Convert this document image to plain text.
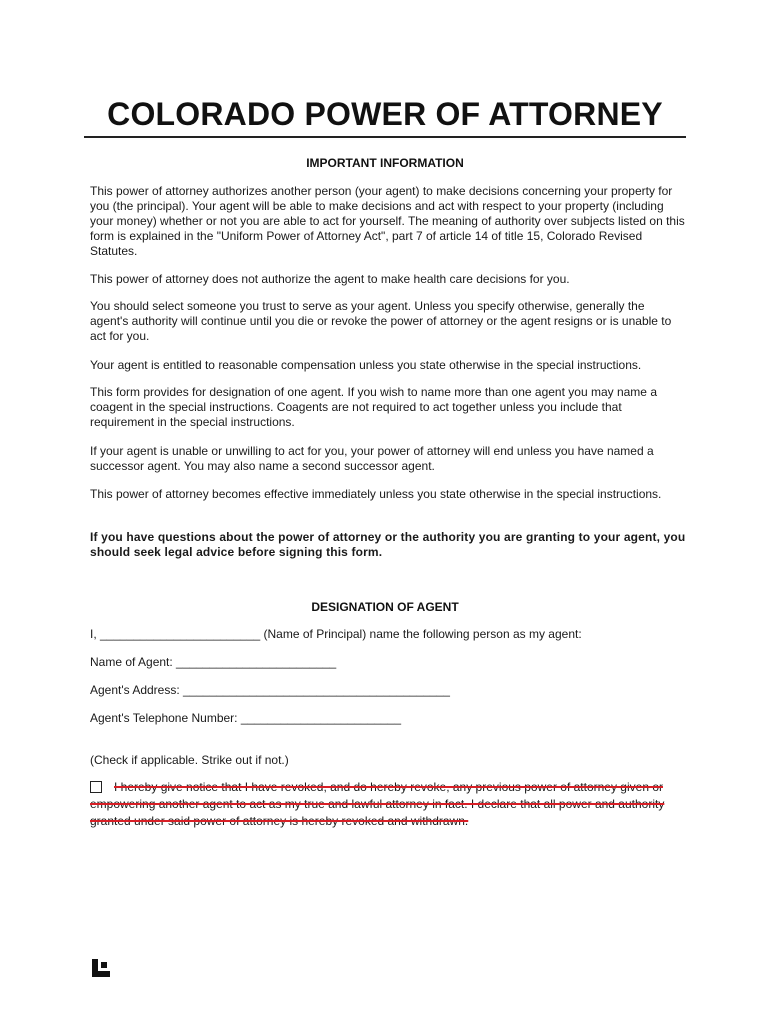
COLORADO POWER OF ATTORNEY
IMPORTANT INFORMATION
This power of attorney authorizes another person (your agent) to make decisions concerning your property for you (the principal). Your agent will be able to make decisions and act with respect to your property (including your money) whether or not you are able to act for yourself. The meaning of authority over subjects listed on this form is explained in the "Uniform Power of Attorney Act", part 7 of article 14 of title 15, Colorado Revised Statutes.
This power of attorney does not authorize the agent to make health care decisions for you.
You should select someone you trust to serve as your agent. Unless you specify otherwise, generally the agent's authority will continue until you die or revoke the power of attorney or the agent resigns or is unable to act for you.
Your agent is entitled to reasonable compensation unless you state otherwise in the special instructions.
This form provides for designation of one agent. If you wish to name more than one agent you may name a coagent in the special instructions. Coagents are not required to act together unless you include that requirement in the special instructions.
If your agent is unable or unwilling to act for you, your power of attorney will end unless you have named a successor agent. You may also name a second successor agent.
This power of attorney becomes effective immediately unless you state otherwise in the special instructions.
If you have questions about the power of attorney or the authority you are granting to your agent, you should seek legal advice before signing this form.
DESIGNATION OF AGENT
I, ________________________ (Name of Principal) name the following person as my agent:
Name of Agent: ________________________
Agent's Address: ________________________________________
Agent's Telephone Number: ________________________
(Check if applicable. Strike out if not.)
I hereby give notice that I have revoked, and do hereby revoke, any previous power of attorney given or empowering another agent to act as my true and lawful attorney in fact. I declare that all power and authority granted under said power of attorney is hereby revoked and withdrawn.
